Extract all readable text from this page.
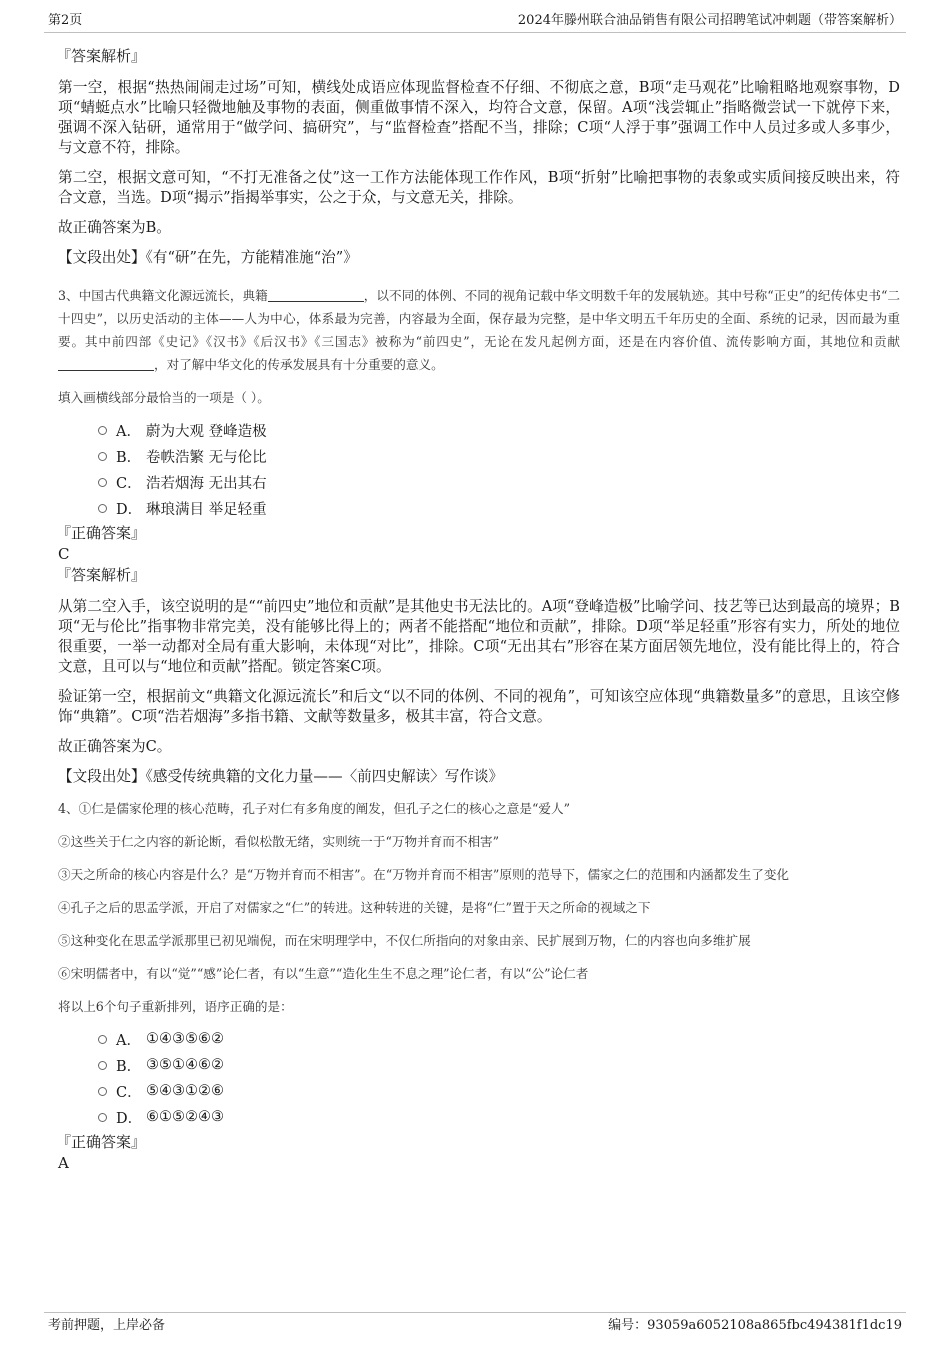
第2页	2024年滕州联合油品销售有限公司招聘笔试冲刺题（带答案解析）
『答案解析』

第一空，根据“热热闹闹走过场”可知，横线处成语应体现监督检查不仔细、不彻底之意，B项“走马观花”比喻粗略地观察事物，D项“蜻蜓点水”比喻只轻微地触及事物的表面，侧重做事情不深入，均符合文意，保留。A项“浅尝辄止”指略微尝试一下就停下来，强调不深入钻研，通常用于“做学问、搞研究”，与“监督检查”搭配不当，排除；C项“人浮于事”强调工作中人员过多或人多事少，与文意不符，排除。

第二空，根据文意可知，“不打无准备之仗”这一工作方法能体现工作作风，B项“折射”比喻把事物的表象或实质间接反映出来，符合文意，当选。D项“揭示”指揭举事实，公之于众，与文意无关，排除。

故正确答案为B。

【文段出处】《有“研”在先，方能精准施“治”》

3、中国古代典籍文化源远流长，典籍	，以不同的体例、不同的视角记载中华文明数千年的发展轨迹。其中号称“正史”的纪传体史书“二十四史”，以历史活动的主体——人为中心，体系最为完善，内容最为全面，保存最为完整，是中华文明五千年历史的全面、系统的记录，因而最为重要。其中前四部《史记》《汉书》《后汉书》《三国志》被称为“前四史”，无论在发凡起例方面，还是在内容价值、流传影响方面，其地位和贡献，对了解中华文化的传承发展具有十分重要的意义。

填入画横线部分最恰当的一项是（ ）。

A． 蔚为大观 登峰造极
B． 卷帙浩繁 无与伦比
C． 浩若烟海 无出其右
D． 琳琅满目 举足轻重
『正确答案』

C

『答案解析』

从第二空入手，该空说明的是““前四史”地位和贡献”是其他史书无法比的。A项“登峰造极”比喻学问、技艺等已达到最高的境界；B项“无与伦比”指事物非常完美，没有能够比得上的；两者不能搭配“地位和贡献”，排除。D项“举足轻重”形容有实力，所处的地位很重要，一举一动都对全局有重大影响，未体现“对比”，排除。C项“无出其右”形容在某方面居领先地位，没有能比得上的，符合文意，且可以与“地位和贡献”搭配。锁定答案C项。

验证第一空，根据前文“典籍文化源远流长”和后文“以不同的体例、不同的视角”，可知该空应体现“典籍数量多”的意思，且该空修饰“典籍”。C项“浩若烟海”多指书籍、文献等数量多，极其丰富，符合文意。

故正确答案为C。

【文段出处】《感受传统典籍的文化力量——〈前四史解读〉写作谈》

4、①仁是儒家伦理的核心范畴，孔子对仁有多角度的阐发，但孔子之仁的核心之意是“爱人”

②这些关于仁之内容的新论断，看似松散无绪，实则统一于“万物并育而不相害”

③天之所命的核心内容是什么？是“万物并育而不相害”。在“万物并育而不相害”原则的范导下，儒家之仁的范围和内涵都发生了变化

④孔子之后的思孟学派，开启了对儒家之“仁”的转进。这种转进的关键，是将“仁”置于天之所命的视域之下

⑤这种变化在思孟学派那里已初见端倪，而在宋明理学中，不仅仁所指向的对象由亲、民扩展到万物，仁的内容也向多维扩展

⑥宋明儒者中，有以“觉”“感”论仁者，有以“生意”“造化生生不息之理”论仁者，有以“公”论仁者

将以上6个句子重新排列，语序正确的是：

A． ①④③⑤⑥②
B． ③⑤①④⑥②
C． ⑤④③①②⑥
D． ⑥①⑤②④③
『正确答案』

A

考前押题，上岸必备	编号：93059a6052108a865fbc494381f1dc19
